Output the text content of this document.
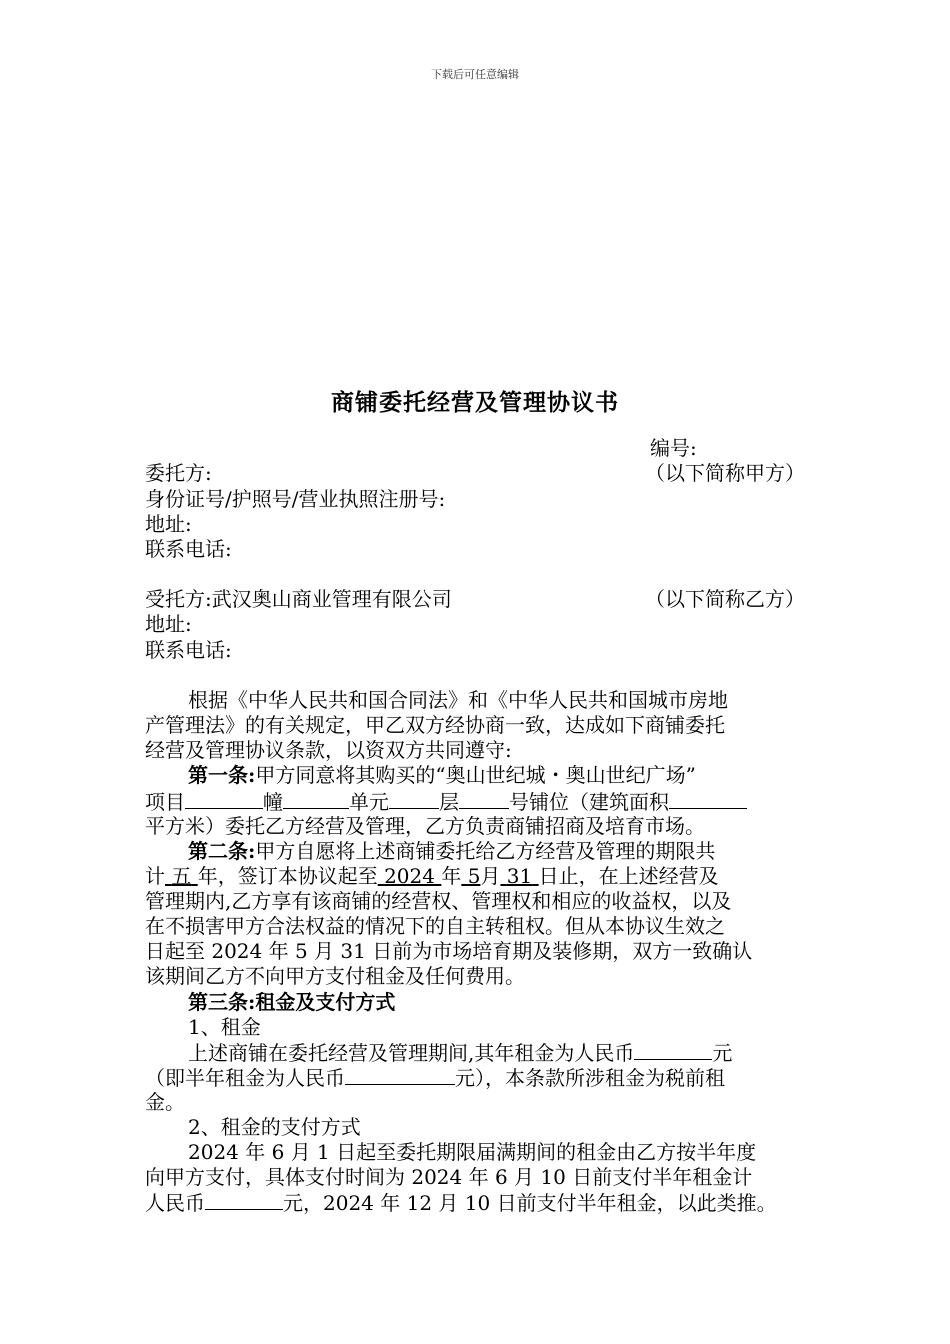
下载后可任意编辑
商铺委托经营及管理协议书
编号:
委托方:	（以下简称甲方）
身份证号/护照号/营业执照注册号:
地址:
联系电话:
受托方:武汉奥山商业管理有限公司	（以下简称乙方）
地址:
联系电话:
根据《中华人民共和国合同法》和《中华人民共和国城市房地
产管理法》的有关规定，甲乙双方经协商一致，达成如下商铺委托
经营及管理协议条款，以资双方共同遵守:
第一条:甲方同意将其购买的“奥山世纪城・奥山世纪广场”
项目	幢	单元	层	号铺位（建筑面积
平方米）委托乙方经营及管理，乙方负责商铺招商及培育市场。
第二条:甲方自愿将上述商铺委托给乙方经营及管理的期限共
计 五 年，签订本协议起至 2024 年 5月 31 日止，在上述经营及
管理期内,乙方享有该商铺的经营权、管理权和相应的收益权，以及
在不损害甲方合法权益的情况下的自主转租权。但从本协议生效之
日起至 2024 年 5 月 31 日前为市场培育期及装修期，双方一致确认
该期间乙方不向甲方支付租金及任何费用。
第三条:租金及支付方式
1、租金
上述商铺在委托经营及管理期间,其年租金为人民币	元
（即半年租金为人民币	元），本条款所涉租金为税前租
金。
2、租金的支付方式
2024 年 6 月 1 日起至委托期限届满期间的租金由乙方按半年度
向甲方支付，具体支付时间为 2024 年 6 月 10 日前支付半年租金计
人民币	元，2024 年 12 月 10 日前支付半年租金，以此类推。
